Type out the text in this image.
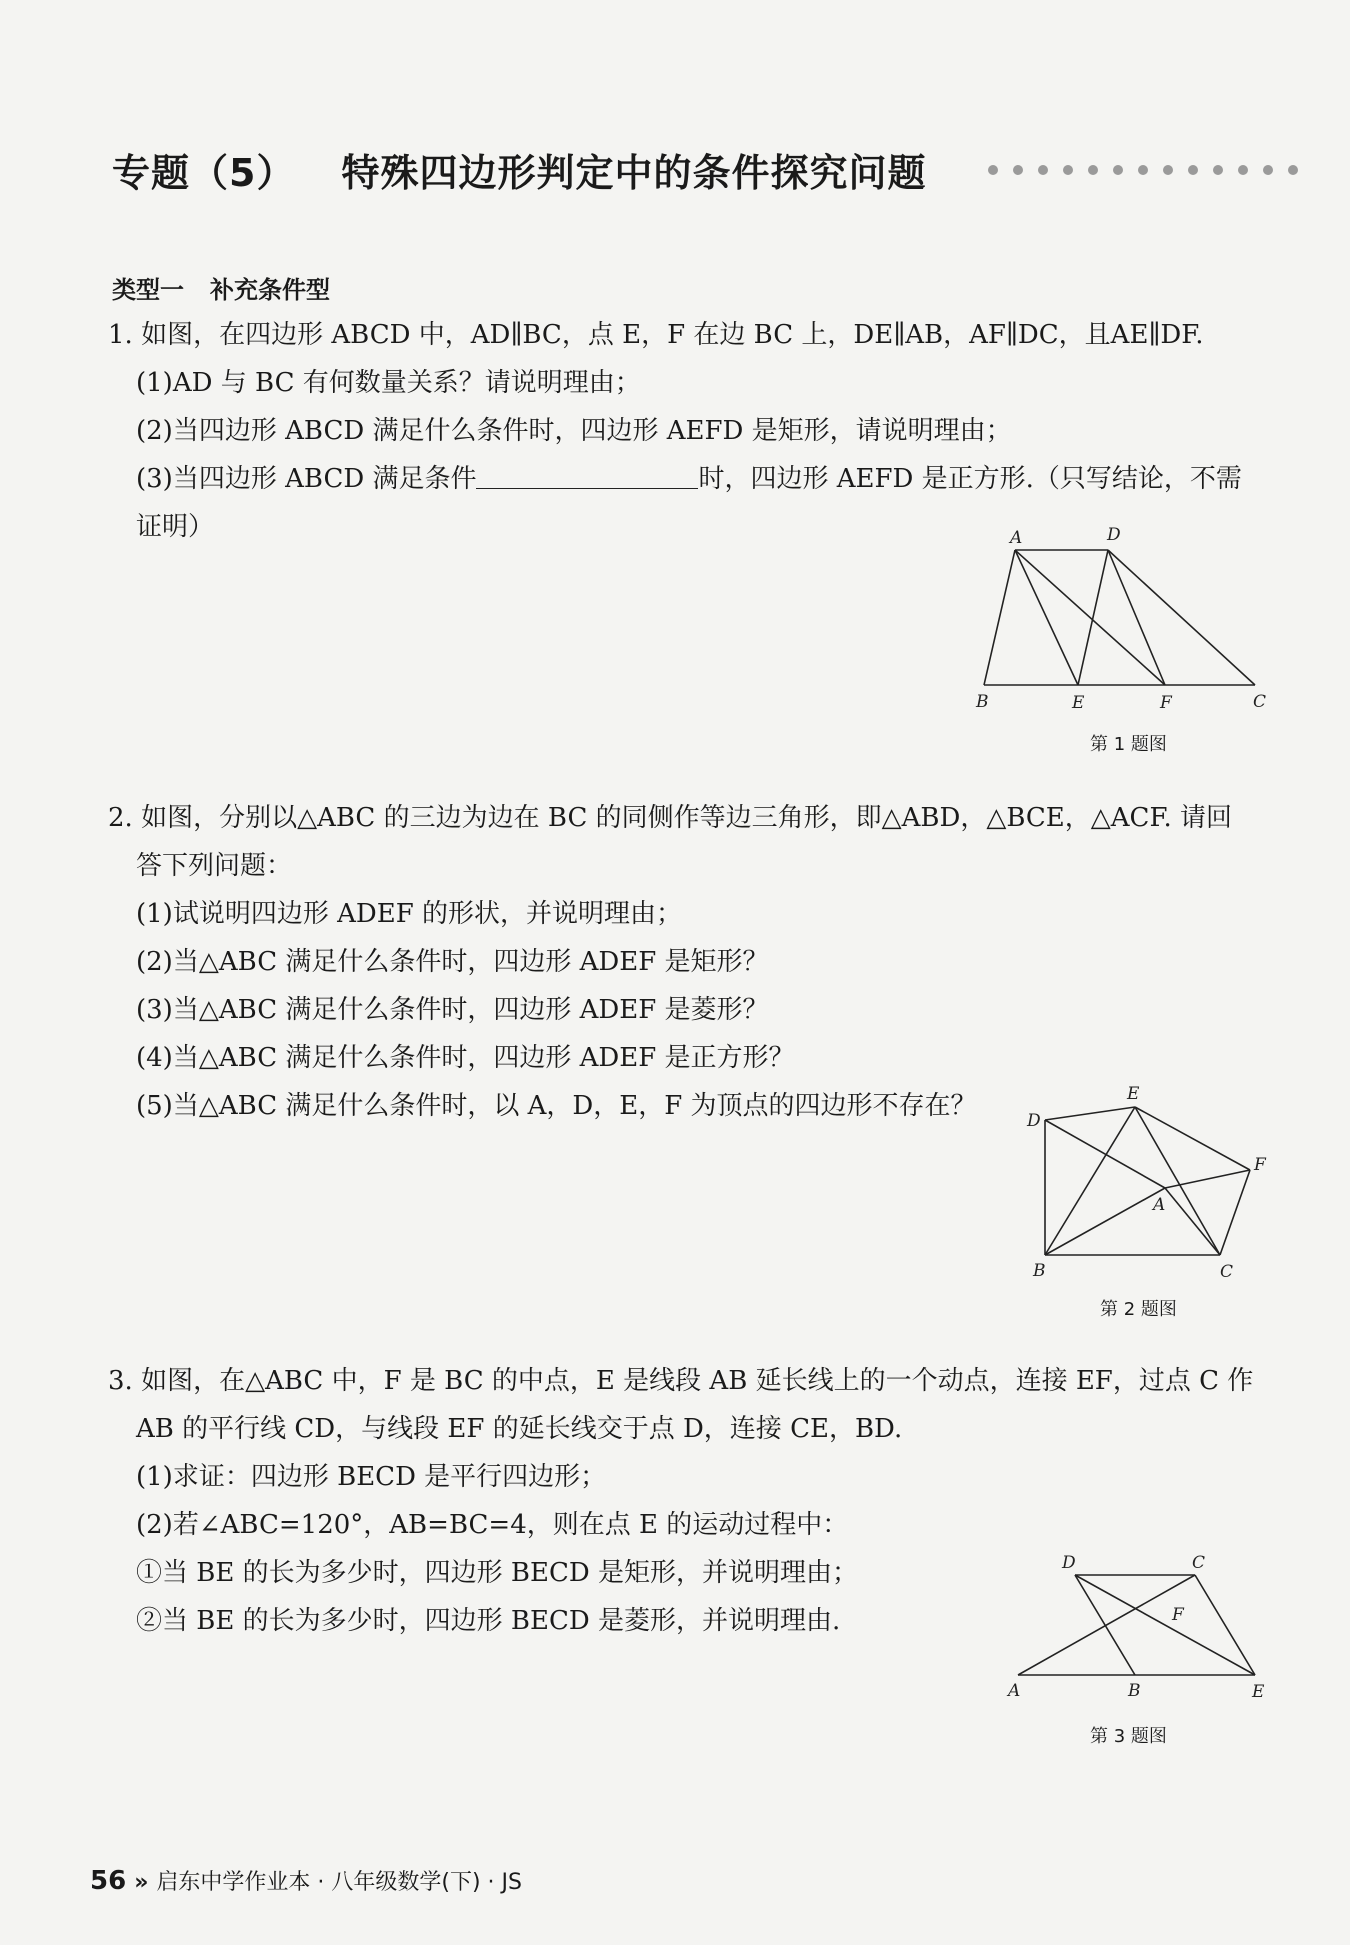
专题（5） 特殊四边形判定中的条件探究问题
类型一 补充条件型
1. 如图，在四边形 ABCD 中，AD∥BC，点 E，F 在边 BC 上，DE∥AB，AF∥DC，且AE∥DF.
(1)AD 与 BC 有何数量关系？请说明理由；
(2)当四边形 ABCD 满足什么条件时，四边形 AEFD 是矩形，请说明理由；
(3)当四边形 ABCD 满足条件	时，四边形 AEFD 是正方形.（只写结论，不需
证明）	A	D
B	E	F	C
第 1 题图
2. 如图，分别以△ABC 的三边为边在 BC 的同侧作等边三角形，即△ABD，△BCE，△ACF. 请回
答下列问题：
(1)试说明四边形 ADEF 的形状，并说明理由；
(2)当△ABC 满足什么条件时，四边形 ADEF 是矩形？
(3)当△ABC 满足什么条件时，四边形 ADEF 是菱形？
(4)当△ABC 满足什么条件时，四边形 ADEF 是正方形？
(5)当△ABC 满足什么条件时，以 A，D，E，F 为顶点的四边形不存在？	E
D
F
A
B	C
第 2 题图
3. 如图，在△ABC 中，F 是 BC 的中点，E 是线段 AB 延长线上的一个动点，连接 EF，过点 C 作
AB 的平行线 CD，与线段 EF 的延长线交于点 D，连接 CE，BD.
(1)求证：四边形 BECD 是平行四边形；
(2)若∠ABC=120°，AB=BC=4，则在点 E 的运动过程中：
①当 BE 的长为多少时，四边形 BECD 是矩形，并说明理由；
②当 BE 的长为多少时，四边形 BECD 是菱形，并说明理由.
D	C
F
A	B	E
第 3 题图
56 » 启东中学作业本 · 八年级数学(下) · JS
